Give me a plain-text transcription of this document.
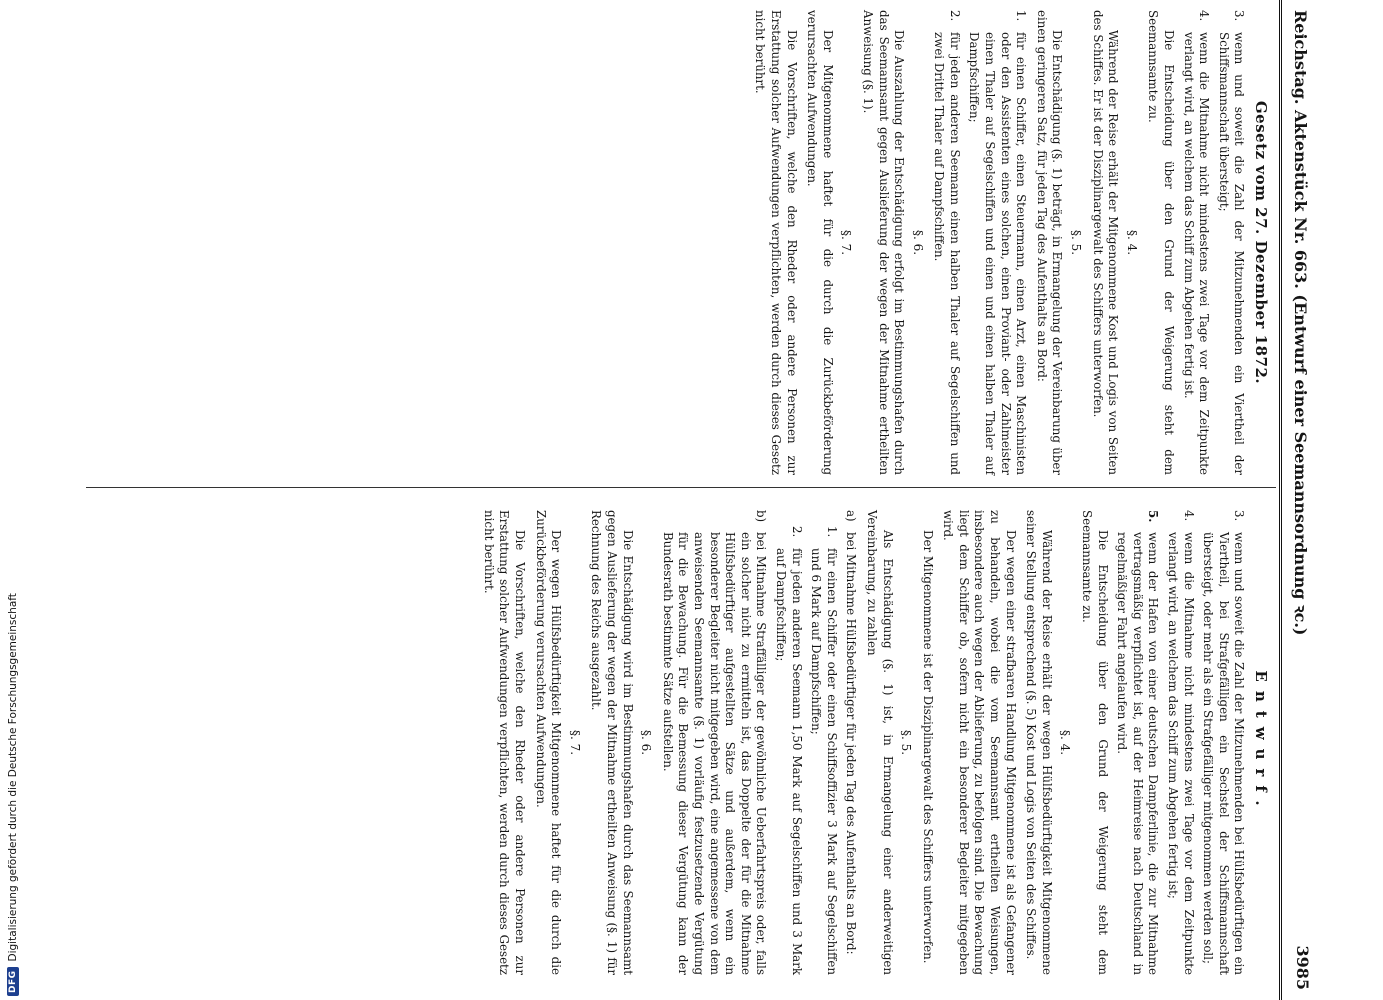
Reichstag. Aktenstück Nr. 663. (Entwurf einer Seemannsordnung ꝛc.)
3985
Gesetz vom 27. Dezember 1872.
3.
wenn und soweit die Zahl der Mitzunehmenden ein Viertheil der Schiffsmannschaft übersteigt;
4.
wenn die Mitnahme nicht mindestens zwei Tage vor dem Zeitpunkte verlangt wird, an welchem das Schiff zum Abgehen fertig ist.

Die Entscheidung über den Grund der Weigerung steht dem Seemannsamte zu.

§. 4.

Während der Reise erhält der Mitgenommene Kost und Logis von Seiten des Schiffes. Er ist der Disziplinargewalt des Schiffers unterworfen.

§. 5.

Die Entschädigung (§. 1) beträgt, in Ermangelung der Vereinbarung über einen geringeren Satz, für jeden Tag des Aufenthalts an Bord:

1.
für einen Schiffer, einen Steuermann, einen Arzt, einen Maschinisten oder den Assistenten eines solchen, einen Proviant- oder Zahlmeister einen Thaler auf Segelschiffen und einen und einen halben Thaler auf Dampfschiffen;
2.
für jeden anderen Seemann einen halben Thaler auf Segelschiffen und zwei Drittel Thaler auf Dampfschiffen.
§. 6.

Die Auszahlung der Entschädigung erfolgt im Bestimmungshafen durch das Seemannsamt gegen Auslieferung der wegen der Mitnahme ertheilten Anweisung (§. 1).

§. 7.

Der Mitgenommene haftet für die durch die Zurückbeförderung verursachten Aufwendungen.

Die Vorschriften, welche den Rheder oder andere Personen zur Erstattung solcher Aufwendungen verpflichten, werden durch dieses Gesetz nicht berührt.

Entwurf.
3.
wenn und soweit die Zahl der Mitzunehmenden bei Hülfsbedürftigen ein Viertheil, bei Strafgefälligen ein Sechstel der Schiffsmannschaft übersteigt, oder mehr als ein Strafgefälliger mitgenommen werden soll;
4.
wenn die Mitnahme nicht mindestens zwei Tage vor dem Zeitpunkte verlangt wird, an welchem das Schiff zum Abgehen fertig ist;
5.
wenn der Hafen von einer deutschen Dampferlinie, die zur Mitnahme vertragsmäßig verpflichtet ist, auf der Heimreise nach Deutschland in regelmäßiger Fahrt angelaufen wird.

Die Entscheidung über den Grund der Weigerung steht dem Seemannsamte zu.

§. 4.

Während der Reise erhält der wegen Hülfsbedürftigkeit Mitgenommene seiner Stellung entsprechend (§. 5) Kost und Logis von Seiten des Schiffes.

Der wegen einer strafbaren Handlung Mitgenommene ist als Gefangener zu behandeln, wobei die vom Seemannsamt ertheilten Weisungen, insbesondere auch wegen der Ablieferung, zu befolgen sind. Die Bewachung liegt dem Schiffer ob, sofern nicht ein besonderer Begleiter mitgegeben wird.

Der Mitgenommene ist der Disziplinargewalt des Schiffers unterworfen.

§. 5.

Als Entschädigung (§. 1) ist, in Ermangelung einer anderweitigen Vereinbarung, zu zahlen

a)
bei Mitnahme Hülfsbedürftiger für jeden Tag des Aufenthalts an Bord:
1.
für einen Schiffer oder einen Schiffsoffizier 3 Mark auf Segelschiffen und 6 Mark auf Dampfschiffen;
2.
für jeden anderen Seemann 1,50 Mark auf Segelschiffen und 3 Mark auf Dampfschiffen;
b)
bei Mitnahme Straffälliger der gewöhnliche Ueberfahrtspreis oder, falls ein solcher nicht zu ermitteln ist, das Doppelte der für die Mitnahme Hülfsbedürftiger aufgestellten Sätze und außerdem, wenn ein besonderer Begleiter nicht mitgegeben wird, eine angemessene von dem anweisenden Seemannsamte (§. 1) vorläufig festzusetzende Vergütung für die Bewachung. Für die Bemessung dieser Vergütung kann der Bundesrath bestimmte Sätze aufstellen.
§. 6.

Die Entschädigung wird im Bestimmungshafen durch das Seemannsamt gegen Auslieferung der wegen der Mitnahme ertheilten Anweisung (§. 1) für Rechnung des Reichs ausgezahlt.

§. 7.

Der wegen Hülfsbedürftigkeit Mitgenommene haftet für die durch die Zurückbeförderung verursachten Aufwendungen.

Die Vorschriften, welche den Rheder oder andere Personen zur Erstattung solcher Aufwendungen verpflichten, werden durch dieses Gesetz nicht berührt.

DFG
Digitalisierung gefördert durch die Deutsche Forschungsgemeinschaft
